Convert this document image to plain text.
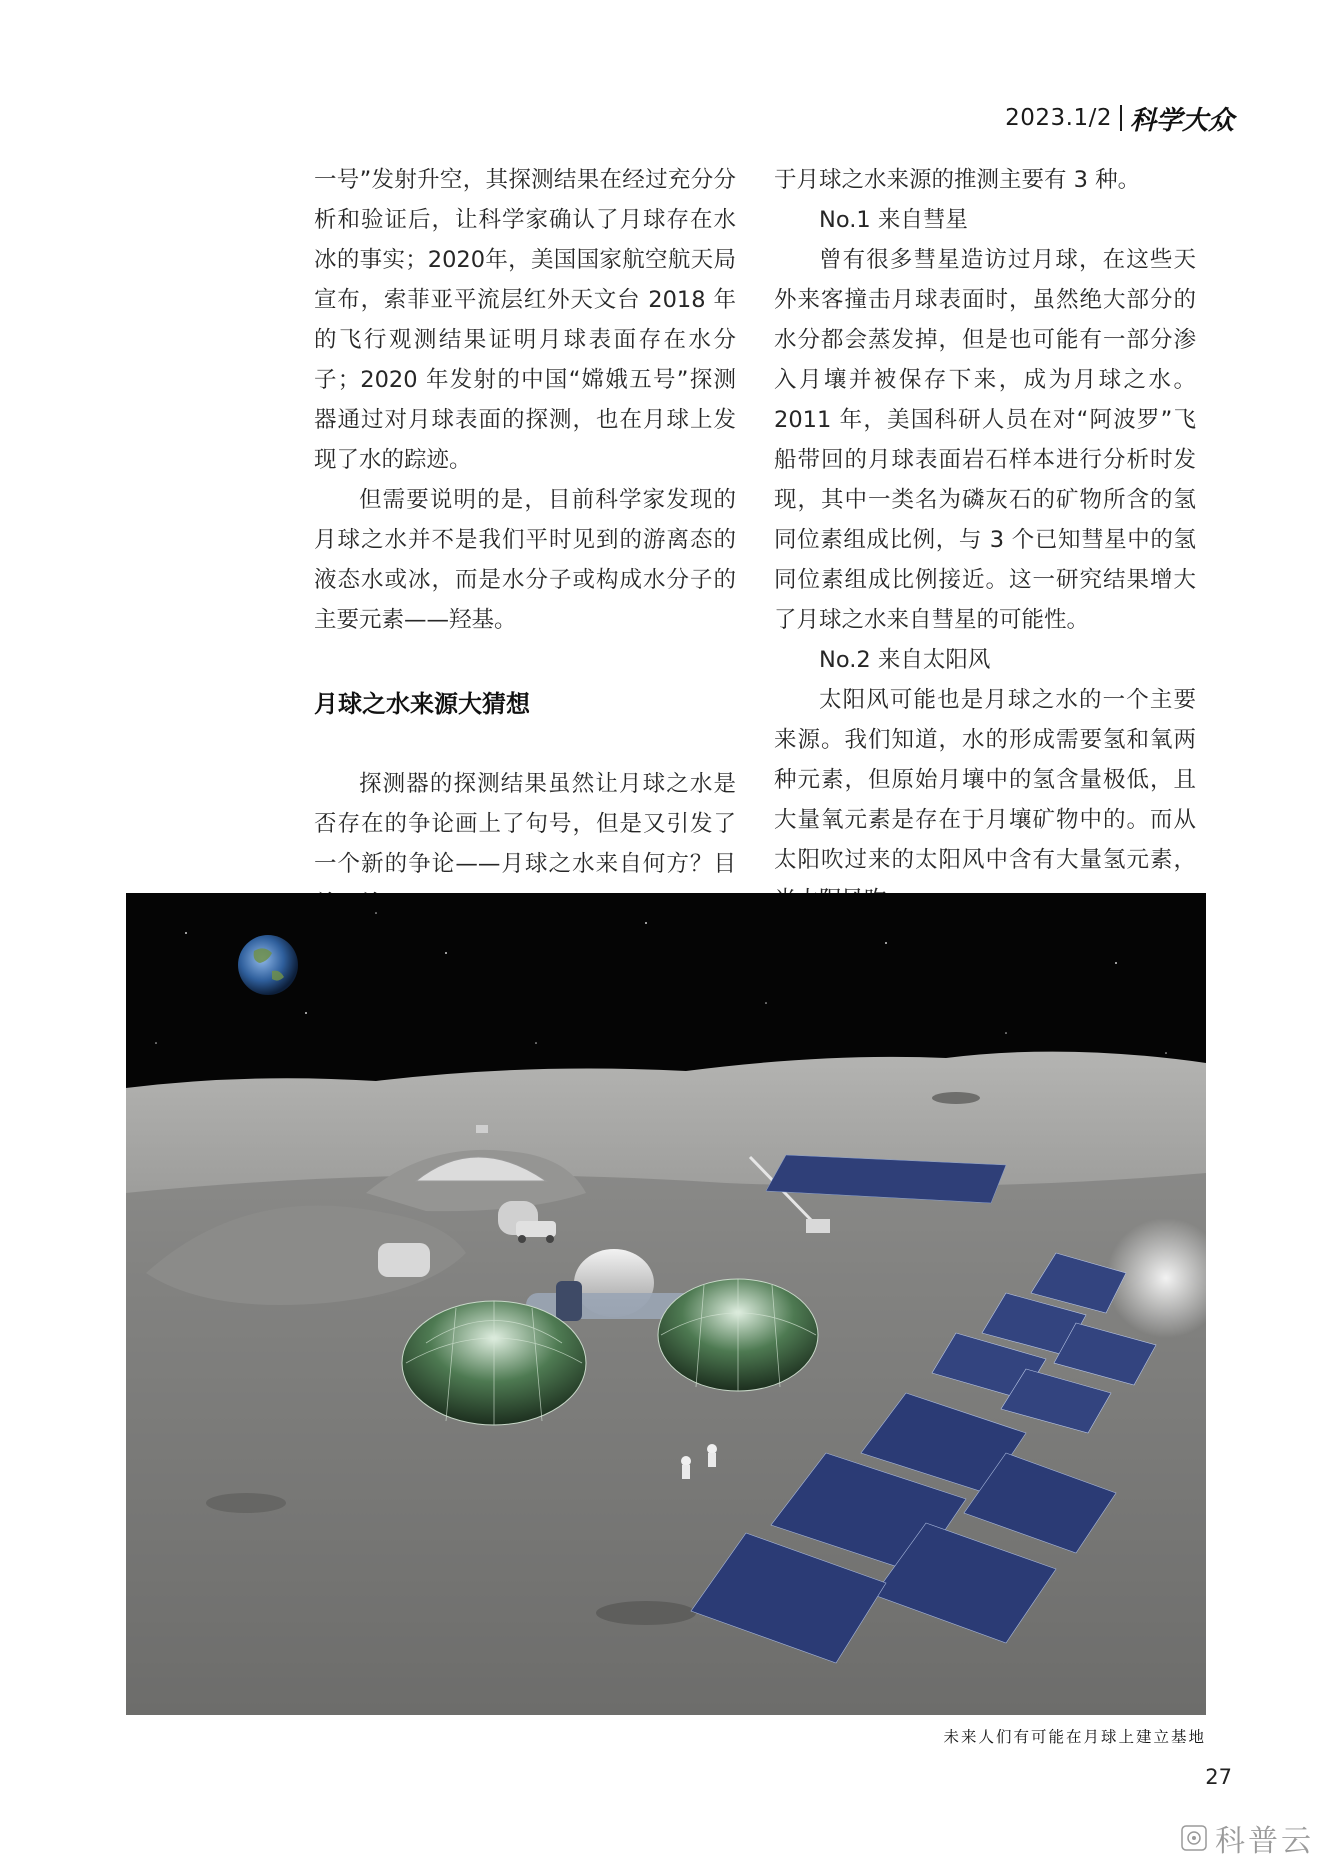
2023.1/2 科学大众

一号”发射升空，其探测结果在经过充分分析和验证后，让科学家确认了月球存在水冰的事实；2020年，美国国家航空航天局宣布，索菲亚平流层红外天文台 2018 年的飞行观测结果证明月球表面存在水分子；2020 年发射的中国“嫦娥五号”探测器通过对月球表面的探测，也在月球上发现了水的踪迹。

但需要说明的是，目前科学家发现的月球之水并不是我们平时见到的游离态的液态水或冰，而是水分子或构成水分子的主要元素——羟基。

月球之水来源大猜想

探测器的探测结果虽然让月球之水是否存在的争论画上了句号，但是又引发了一个新的争论——月球之水来自何方？目

于月球之水来源的推测主要有 3 种。

No.1 来自彗星

曾有很多彗星造访过月球，在这些天外来客撞击月球表面时，虽然绝大部分的水分都会蒸发掉，但是也可能有一部分渗入月壤并被保存下来，成为月球之水。2011 年，美国科研人员在对“阿波罗”飞船带回的月球表面岩石样本进行分析时发现，其中一类名为磷灰石的矿物所含的氢同位素组成比例，与 3 个已知彗星中的氢同位素组成比例接近。这一研究结果增大了月球之水来自彗星的可能性。

No.2 来自太阳风

太阳风可能也是月球之水的一个主要来源。我们知道，水的形成需要氢和氧两种元素，但原始月壤中的氢含量极低，且大量氧元素是存在于月壤矿物中的。而从太阳吹过来的太阳风中含有大量氢元素，

未来人们有可能在月球上建立基地
27
科普云
